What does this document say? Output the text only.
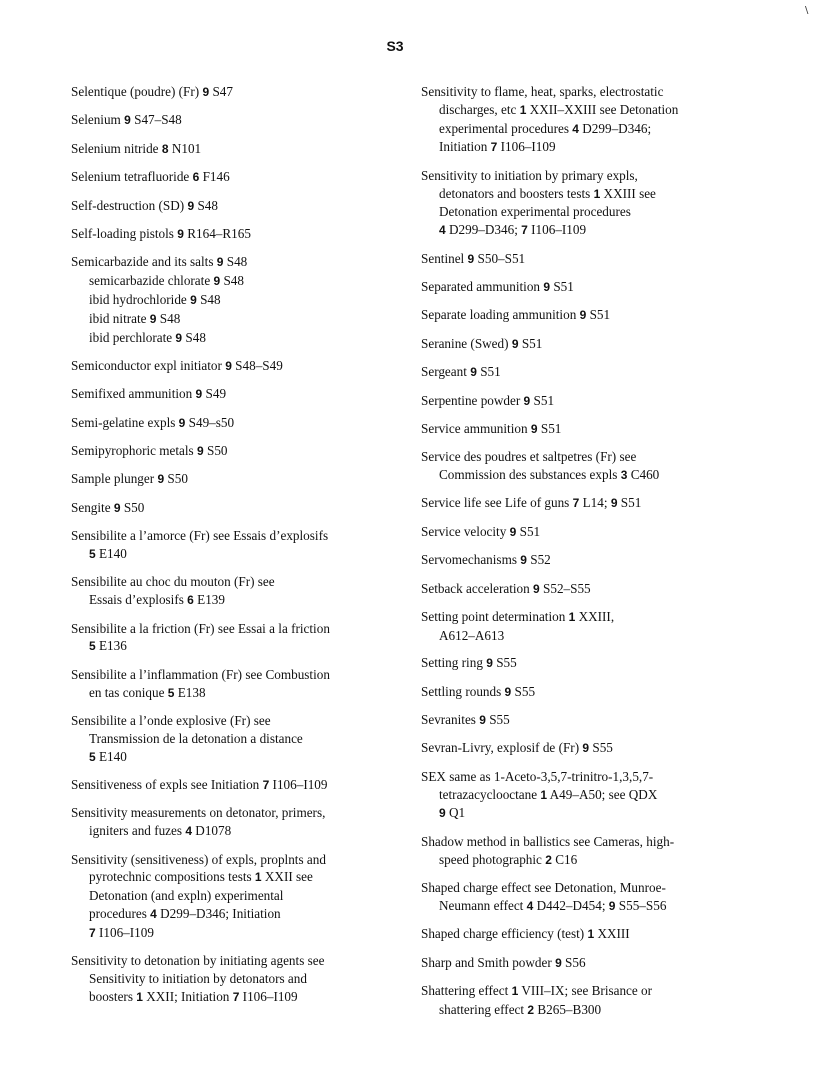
\
S3
Selentique (poudre) (Fr) 9 S47
Selenium 9 S47–S48
Selenium nitride 8 N101
Selenium tetrafluoride 6 F146
Self-destruction (SD) 9 S48
Self-loading pistols 9 R164–R165
Semicarbazide and its salts 9 S48
semicarbazide chlorate 9 S48
ibid hydrochloride 9 S48
ibid nitrate 9 S48
ibid perchlorate 9 S48
Semiconductor expl initiator 9 S48–S49
Semifixed ammunition 9 S49
Semi-gelatine expls 9 S49–s50
Semipyrophoric metals 9 S50
Sample plunger 9 S50
Sengite 9 S50
Sensibilite a l’amorce (Fr) see Essais d’explosifs
5 E140
Sensibilite au choc du mouton (Fr) see
Essais d’explosifs 6 E139
Sensibilite a la friction (Fr) see Essai a la friction
5 E136
Sensibilite a l’inflammation (Fr) see Combustion
en tas conique 5 E138
Sensibilite a l’onde explosive (Fr) see
Transmission de la detonation a distance
5 E140
Sensitiveness of expls see Initiation 7 I106–I109
Sensitivity measurements on detonator, primers,
igniters and fuzes 4 D1078
Sensitivity (sensitiveness) of expls, proplnts and
pyrotechnic compositions tests 1 XXII see
Detonation (and expln) experimental
procedures 4 D299–D346; Initiation
7 I106–I109
Sensitivity to detonation by initiating agents see
Sensitivity to initiation by detonators and
boosters 1 XXII; Initiation 7 I106–I109
Sensitivity to flame, heat, sparks, electrostatic
discharges, etc 1 XXII–XXIII see Detonation
experimental procedures 4 D299–D346;
Initiation 7 I106–I109
Sensitivity to initiation by primary expls,
detonators and boosters tests 1 XXIII see
Detonation experimental procedures
4 D299–D346; 7 I106–I109
Sentinel 9 S50–S51
Separated ammunition 9 S51
Separate loading ammunition 9 S51
Seranine (Swed) 9 S51
Sergeant 9 S51
Serpentine powder 9 S51
Service ammunition 9 S51
Service des poudres et saltpetres (Fr) see
Commission des substances expls 3 C460
Service life see Life of guns 7 L14; 9 S51
Service velocity 9 S51
Servomechanisms 9 S52
Setback acceleration 9 S52–S55
Setting point determination 1 XXIII,
A612–A613
Setting ring 9 S55
Settling rounds 9 S55
Sevranites 9 S55
Sevran-Livry, explosif de (Fr) 9 S55
SEX same as 1-Aceto-3,5,7-trinitro-1,3,5,7-
tetrazacyclooctane 1 A49–A50; see QDX
9 Q1
Shadow method in ballistics see Cameras, high-
speed photographic 2 C16
Shaped charge effect see Detonation, Munroe-
Neumann effect 4 D442–D454; 9 S55–S56
Shaped charge efficiency (test) 1 XXIII
Sharp and Smith powder 9 S56
Shattering effect 1 VIII–IX; see Brisance or
shattering effect 2 B265–B300
